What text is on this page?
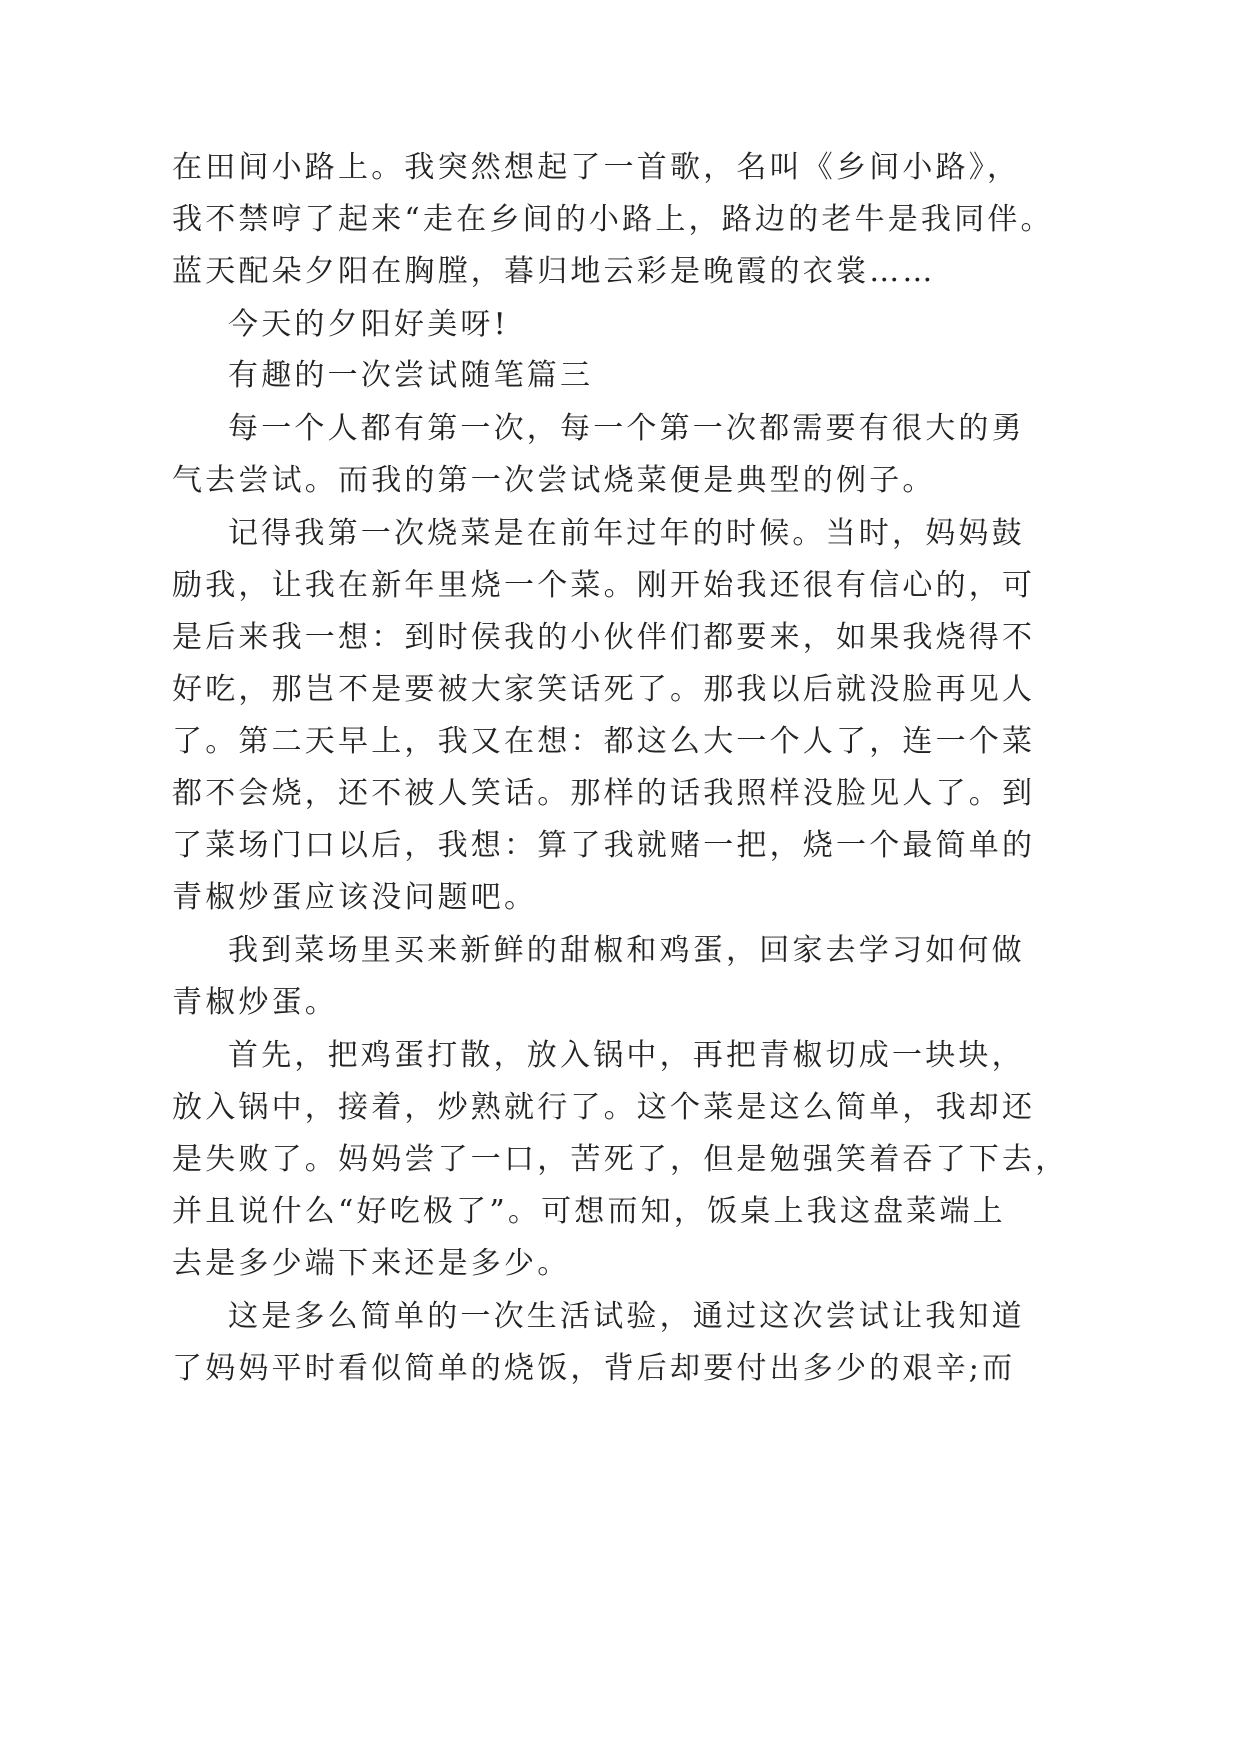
在田间小路上。我突然想起了一首歌，名叫《乡间小路》，

我不禁哼了起来“走在乡间的小路上，路边的老牛是我同伴。

蓝天配朵夕阳在胸膛，暮归地云彩是晚霞的衣裳……

今天的夕阳好美呀!

有趣的一次尝试随笔篇三

每一个人都有第一次，每一个第一次都需要有很大的勇

气去尝试。而我的第一次尝试烧菜便是典型的例子。

记得我第一次烧菜是在前年过年的时候。当时，妈妈鼓

励我，让我在新年里烧一个菜。刚开始我还很有信心的，可

是后来我一想：到时侯我的小伙伴们都要来，如果我烧得不

好吃，那岂不是要被大家笑话死了。那我以后就没脸再见人

了。第二天早上，我又在想：都这么大一个人了，连一个菜

都不会烧，还不被人笑话。那样的话我照样没脸见人了。到

了菜场门口以后，我想：算了我就赌一把，烧一个最简单的

青椒炒蛋应该没问题吧。

我到菜场里买来新鲜的甜椒和鸡蛋，回家去学习如何做

青椒炒蛋。

首先，把鸡蛋打散，放入锅中，再把青椒切成一块块，

放入锅中，接着，炒熟就行了。这个菜是这么简单，我却还

是失败了。妈妈尝了一口，苦死了，但是勉强笑着吞了下去，

并且说什么“好吃极了”。可想而知，饭桌上我这盘菜端上

去是多少端下来还是多少。

这是多么简单的一次生活试验，通过这次尝试让我知道

了妈妈平时看似简单的烧饭，背后却要付出多少的艰辛;而
